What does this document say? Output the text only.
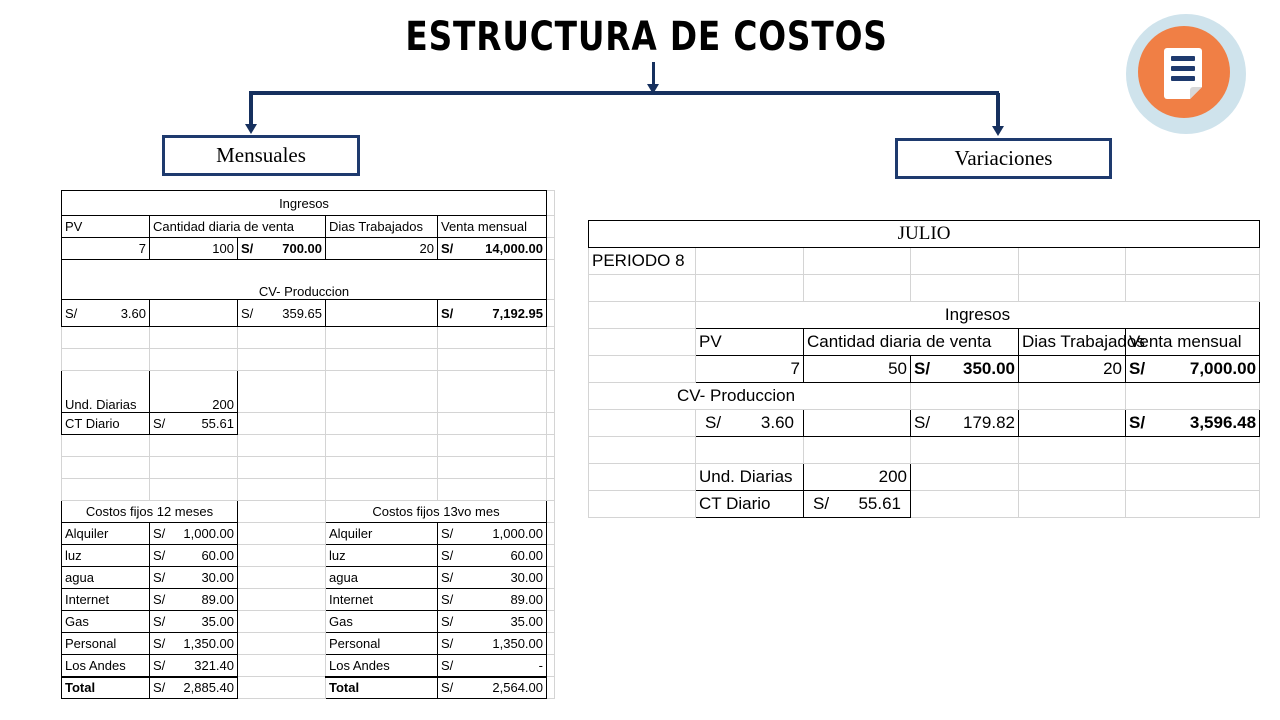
ESTRUCTURA DE COSTOS
Mensuales	Variaciones
Ingresos					
PV	Cantidad diaria de venta		Dias Trabajados	Venta mensual	
7	100	S/ 700.00	20	S/ 14,000.00	

CV- Produccion					

S/ 3.60		S/ 359.65		S/ 7,192.95	

Und. Diarias	200				
CT Diario	S/ 55.61				

Costos fijos 12 meses			Costos fijos 13vo mes		
Alquiler	S/ 1,000.00		Alquiler	S/ 1,000.00	

luz	S/ 60.00		luz	S/ 60.00	

agua	S/ 30.00		agua	S/ 30.00	

Internet	S/ 89.00		Internet	S/ 89.00	

Gas	S/ 35.00		Gas	S/ 35.00	

Personal	S/ 1,350.00		Personal	S/ 1,350.00	

Los Andes	S/ 321.40		Los Andes	S/ -	

Total	S/ 2,885.40		Total	S/ 2,564.00	

JULIO					
PERIODO 8					

	Ingresos				
	PV	Cantidad diaria de venta		Dias Trabajados	Venta mensual
	7	50	S/ 350.00	20	S/ 7,000.00

CV- Produccion					

	S/ 3.60		S/ 179.82		S/ 3,596.48

	Und. Diarias	200			
	CT Diario	S/ 55.61			
